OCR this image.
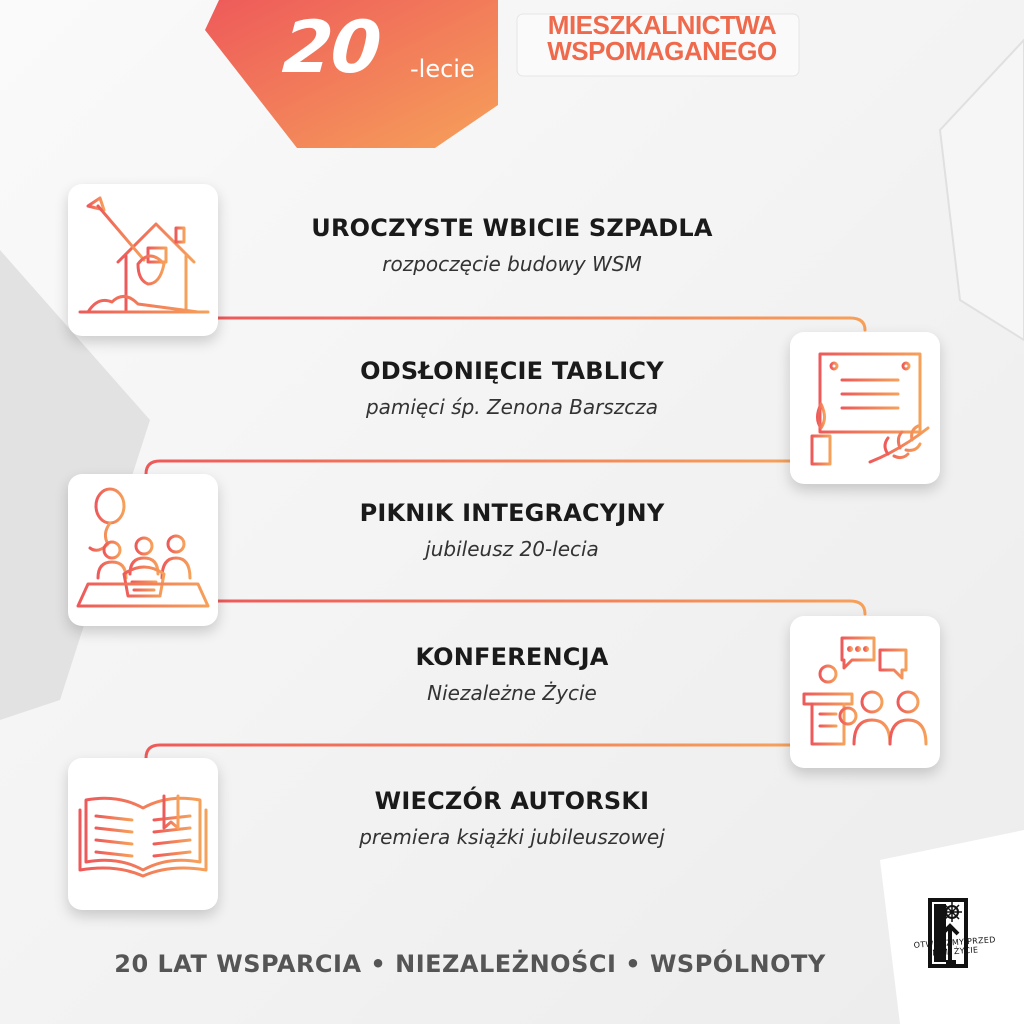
20 -lecie
MIESZKALNICTWA
WSPOMAGANEGO
UROCZYSTE WBICIE SZPADLA
rozpoczęcie budowy WSM
ODSŁONIĘCIE TABLICY
pamięci śp. Zenona Barszcza
PIKNIK INTEGRACYJNY
jubileusz 20-lecia
KONFERENCJA
Niezależne Życie
WIECZÓR AUTORSKI
premiera książki jubileuszowej
20 LAT WSPARCIA • NIEZALEŻNOŚCI • WSPÓLNOTY
OTWÓRZMY PRZED NIMI ŻYCIE
